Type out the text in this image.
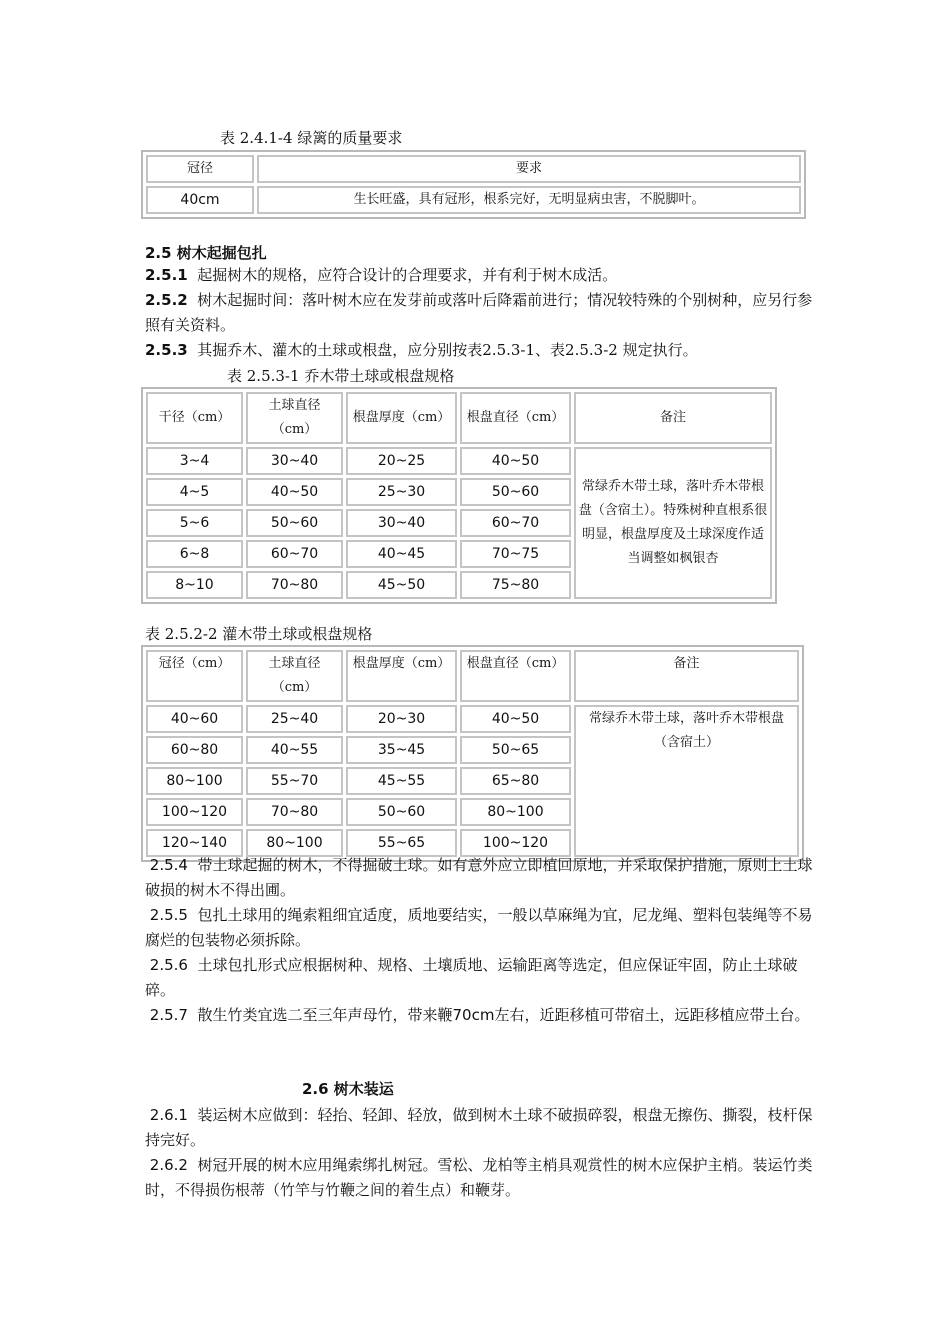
表 2.4.1-4 绿篱的质量要求
冠径	要求
40cm	生长旺盛，具有冠形，根系完好，无明显病虫害，不脱脚叶。
2.5 树木起掘包扎
2.5.1 起掘树木的规格，应符合设计的合理要求，并有利于树木成活。
2.5.2 树木起掘时间：落叶树木应在发芽前或落叶后降霜前进行；情况较特殊的个别树种，应另行参照有关资料。
2.5.3 其掘乔木、灌木的土球或根盘，应分别按表2.5.3-1、表2.5.3-2 规定执行。
表 2.5.3-1 乔木带土球或根盘规格
干径（cm）	土球直径（cm）	根盘厚度（cm）	根盘直径（cm）	备注
3~4	30~40	20~25	40~50	常绿乔木带土球，落叶乔木带根盘（含宿土）。特殊树种直根系很明显，根盘厚度及土球深度作适当调整如枫银杏
4~5	40~50	25~30	50~60	
5~6	50~60	30~40	60~70	
6~8	60~70	40~45	70~75	
8~10	70~80	45~50	75~80	
表 2.5.2-2 灌木带土球或根盘规格
冠径（cm）	土球直径（cm）	根盘厚度（cm）	根盘直径（cm）	备注
40~60	25~40	20~30	40~50	常绿乔木带土球，落叶乔木带根盘（含宿土）
60~80	40~55	35~45	50~65	
80~100	55~70	45~55	65~80	
100~120	70~80	50~60	80~100	
120~140	80~100	55~65	100~120	
2.5.4 带土球起掘的树木，不得掘破土球。如有意外应立即植回原地，并采取保护措施，原则上土球破损的树木不得出圃。
2.5.5 包扎土球用的绳索粗细宜适度，质地要结实，一般以草麻绳为宜，尼龙绳、塑料包装绳等不易腐烂的包装物必须拆除。
2.5.6 土球包扎形式应根据树种、规格、土壤质地、运输距离等选定，但应保证牢固，防止土球破碎。
2.5.7 散生竹类宜选二至三年声母竹，带来鞭70cm左右，近距移植可带宿土，远距移植应带土台。
2.6 树木装运
2.6.1 装运树木应做到：轻抬、轻卸、轻放，做到树木土球不破损碎裂，根盘无擦伤、撕裂，枝杆保持完好。
2.6.2 树冠开展的树木应用绳索绑扎树冠。雪松、龙柏等主梢具观赏性的树木应保护主梢。装运竹类时，不得损伤根蒂（竹竿与竹鞭之间的着生点）和鞭芽。
